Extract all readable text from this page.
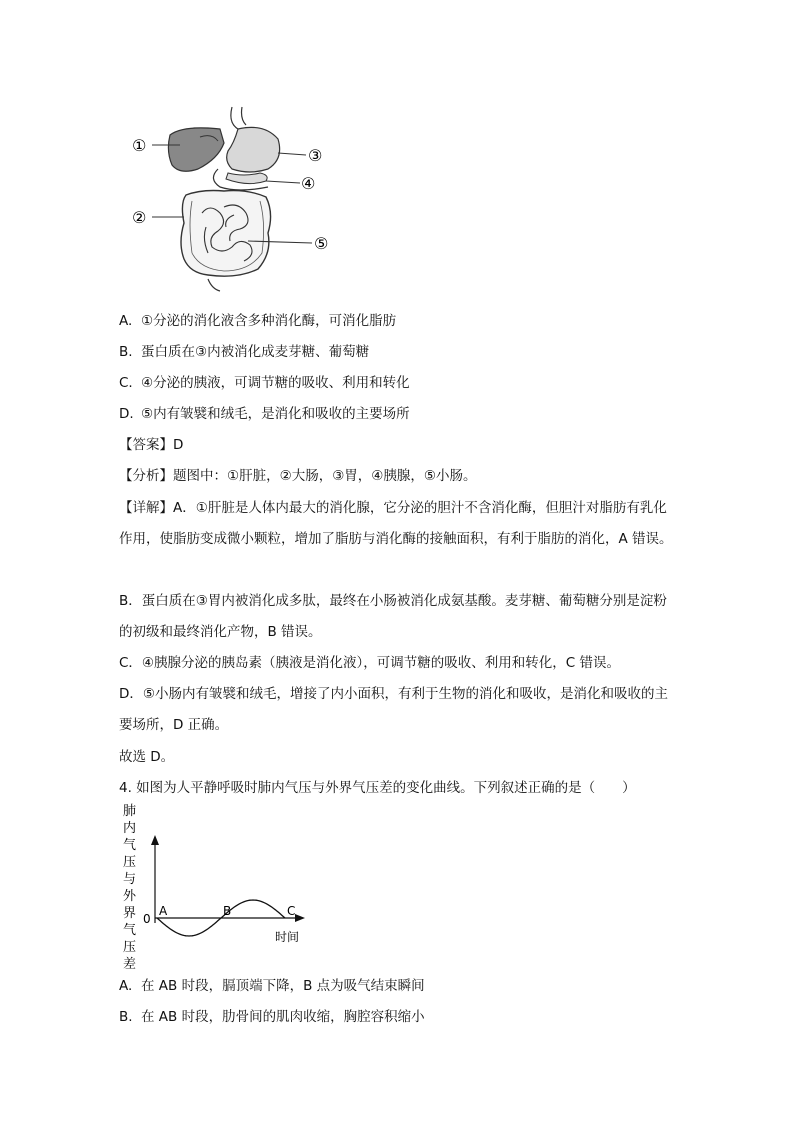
①
③
④
②
⑤
A. ①分泌的消化液含多种消化酶，可消化脂肪
B. 蛋白质在③内被消化成麦芽糖、葡萄糖
C. ④分泌的胰液，可调节糖的吸收、利用和转化
D. ⑤内有皱襞和绒毛，是消化和吸收的主要场所
【答案】D
【分析】题图中：①肝脏，②大肠，③胃，④胰腺，⑤小肠。
【详解】A．①肝脏是人体内最大的消化腺，它分泌的胆汁不含消化酶，但胆汁对脂肪有乳化作用，使脂肪变成微小颗粒，增加了脂肪与消化酶的接触面积，有利于脂肪的消化，A 错误。
B．蛋白质在③胃内被消化成多肽，最终在小肠被消化成氨基酸。麦芽糖、葡萄糖分别是淀粉的初级和最终消化产物，B 错误。
C．④胰腺分泌的胰岛素（胰液是消化液），可调节糖的吸收、利用和转化，C 错误。
D．⑤小肠内有皱襞和绒毛，增接了内小面积，有利于生物的消化和吸收，是消化和吸收的主要场所，D 正确。
故选 D。
4. 如图为人平静呼吸时肺内气压与外界气压差的变化曲线。下列叙述正确的是（　　）
肺
内
气
压
与
外
界
气
压
差
0
A	B	C
时间
A. 在 AB 时段，膈顶端下降，B 点为吸气结束瞬间
B. 在 AB 时段，肋骨间的肌肉收缩，胸腔容积缩小
